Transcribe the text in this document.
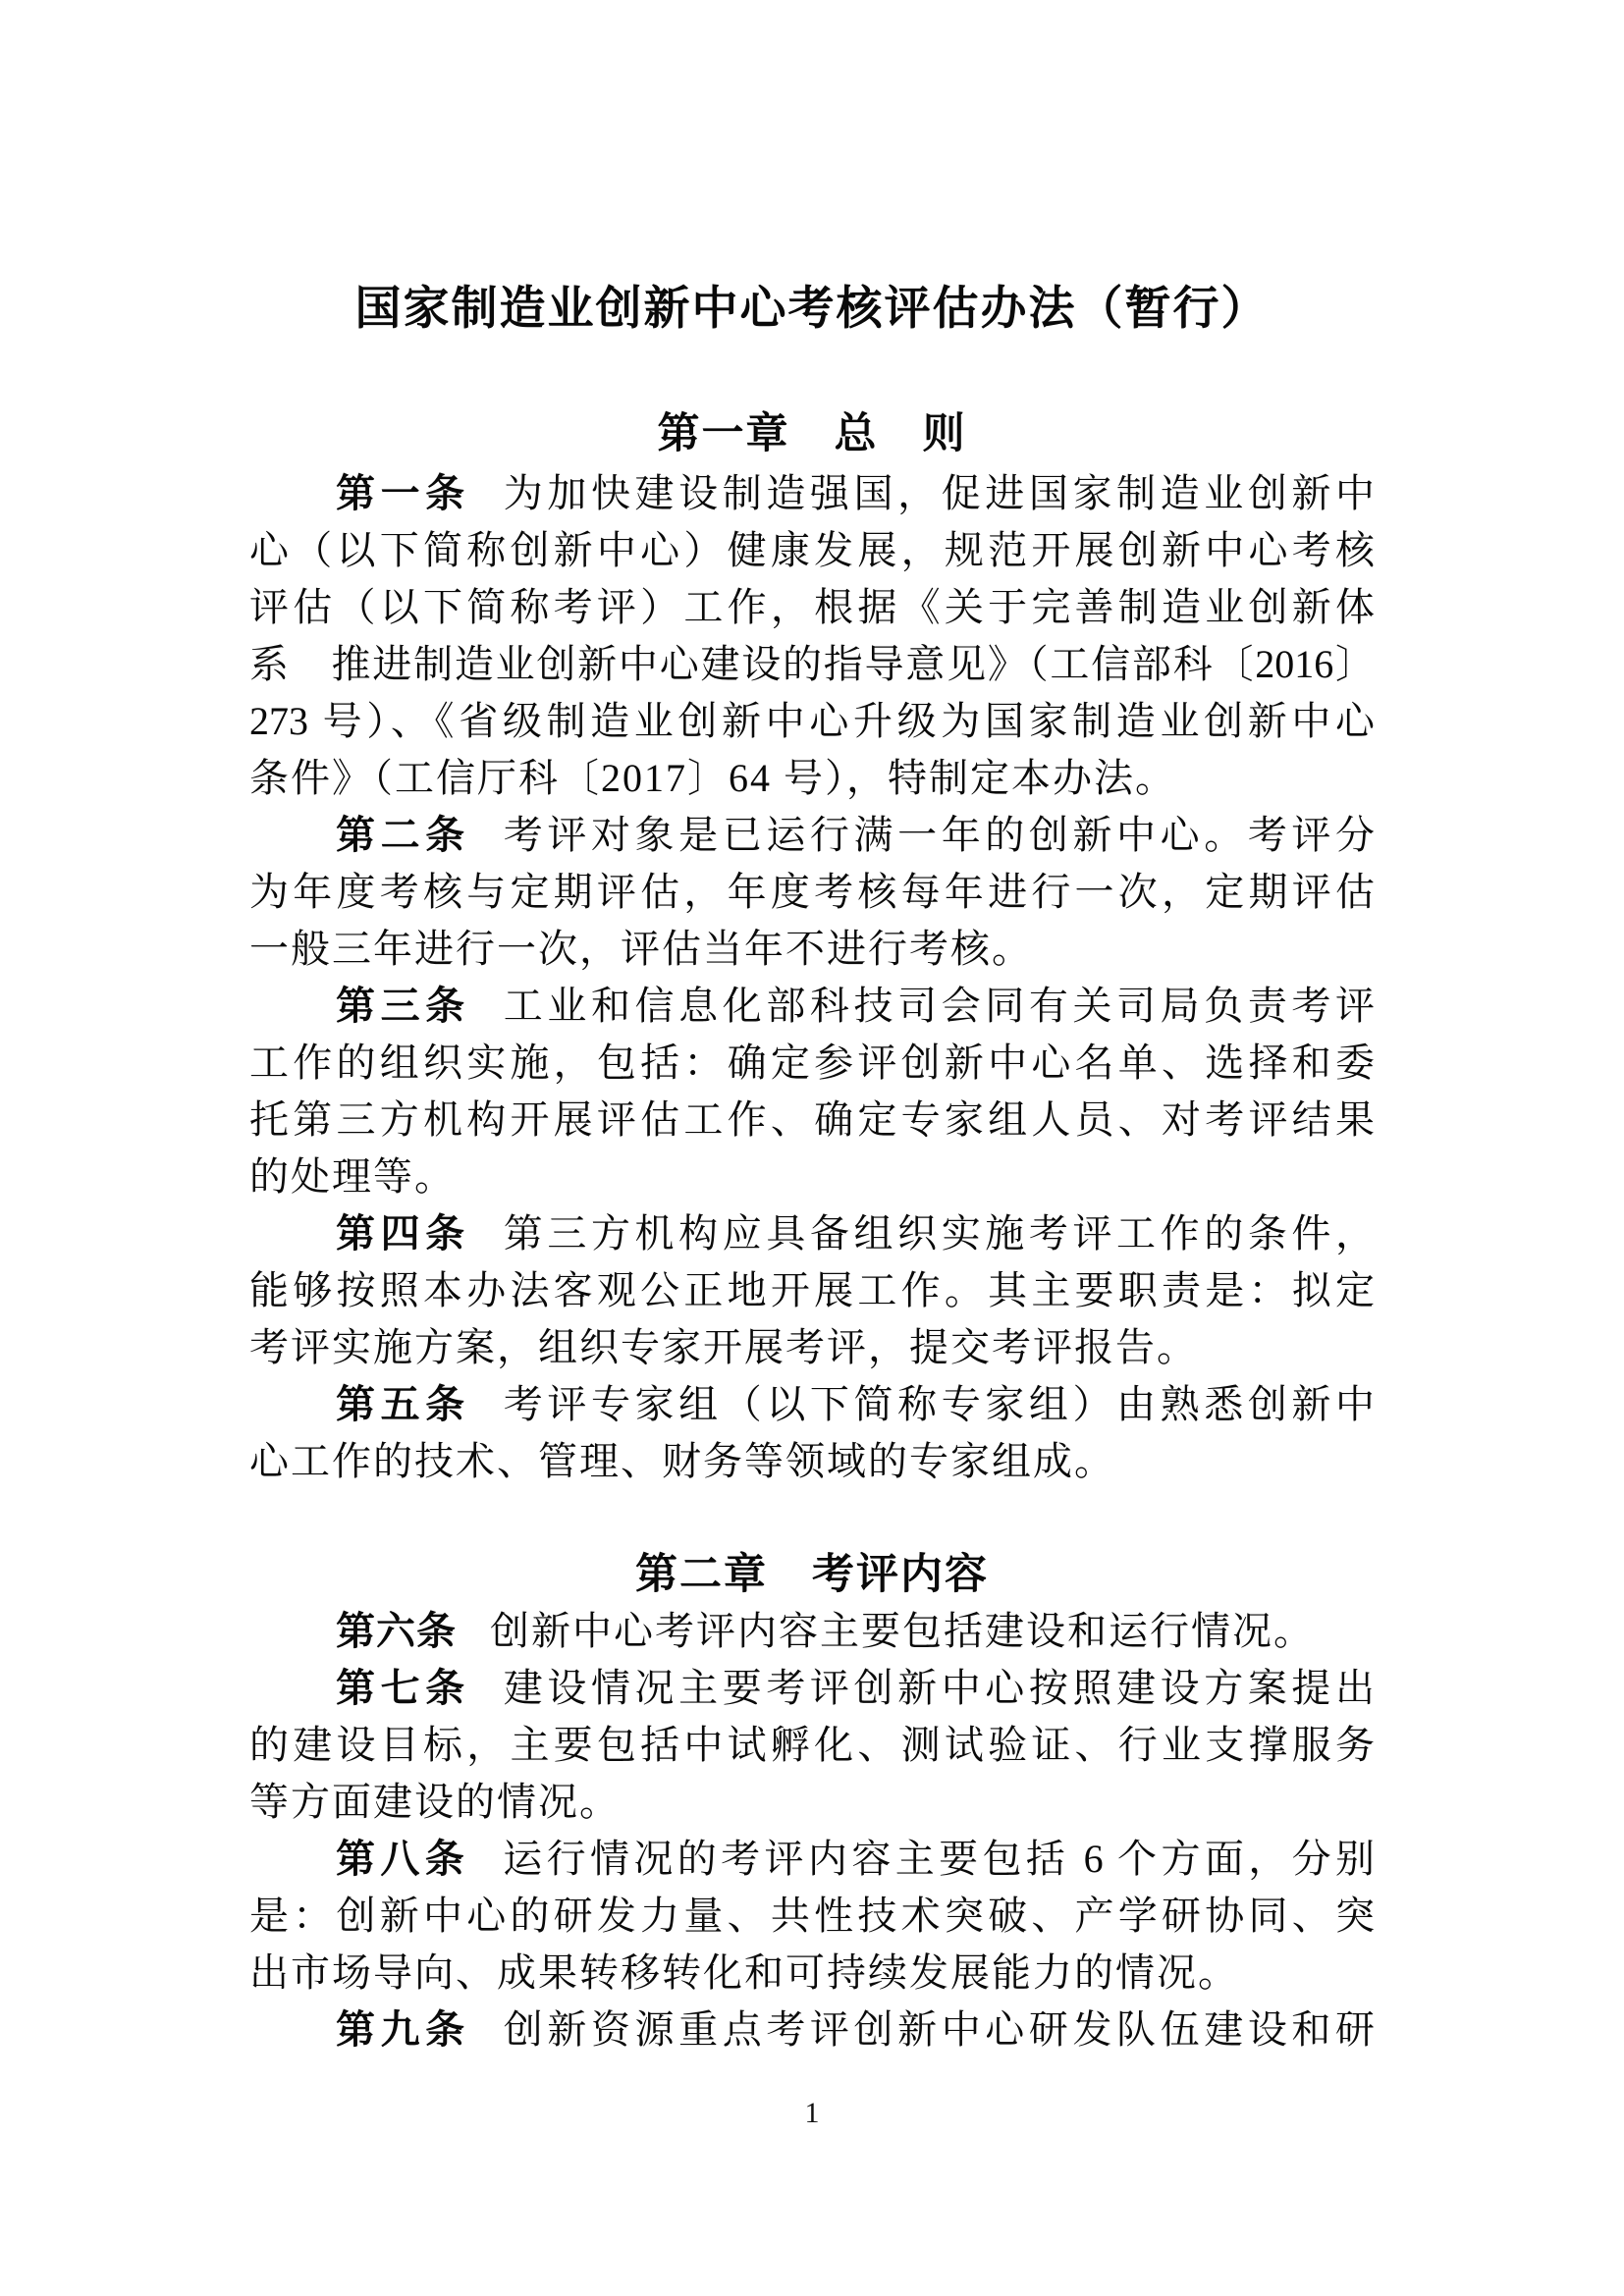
国家制造业创新中心考核评估办法（暂行）
第一章　总　则
第一条 为加快建设制造强国，促进国家制造业创新中
心（以下简称创新中心）健康发展，规范开展创新中心考核
评估（以下简称考评）工作，根据《关于完善制造业创新体
系　推进制造业创新中心建设的指导意见》（工信部科〔2016〕
273 号）、《省级制造业创新中心升级为国家制造业创新中心
条件》（工信厅科〔2017〕64 号），特制定本办法。
第二条 考评对象是已运行满一年的创新中心。考评分
为年度考核与定期评估，年度考核每年进行一次，定期评估
一般三年进行一次，评估当年不进行考核。
第三条 工业和信息化部科技司会同有关司局负责考评
工作的组织实施，包括：确定参评创新中心名单、选择和委
托第三方机构开展评估工作、确定专家组人员、对考评结果
的处理等。
第四条 第三方机构应具备组织实施考评工作的条件，
能够按照本办法客观公正地开展工作。其主要职责是：拟定
考评实施方案，组织专家开展考评，提交考评报告。
第五条 考评专家组（以下简称专家组）由熟悉创新中
心工作的技术、管理、财务等领域的专家组成。
第二章　考评内容
第六条 创新中心考评内容主要包括建设和运行情况。
第七条 建设情况主要考评创新中心按照建设方案提出
的建设目标，主要包括中试孵化、测试验证、行业支撑服务
等方面建设的情况。
第八条 运行情况的考评内容主要包括 6 个方面，分别
是：创新中心的研发力量、共性技术突破、产学研协同、突
出市场导向、成果转移转化和可持续发展能力的情况。
第九条 创新资源重点考评创新中心研发队伍建设和研
1
